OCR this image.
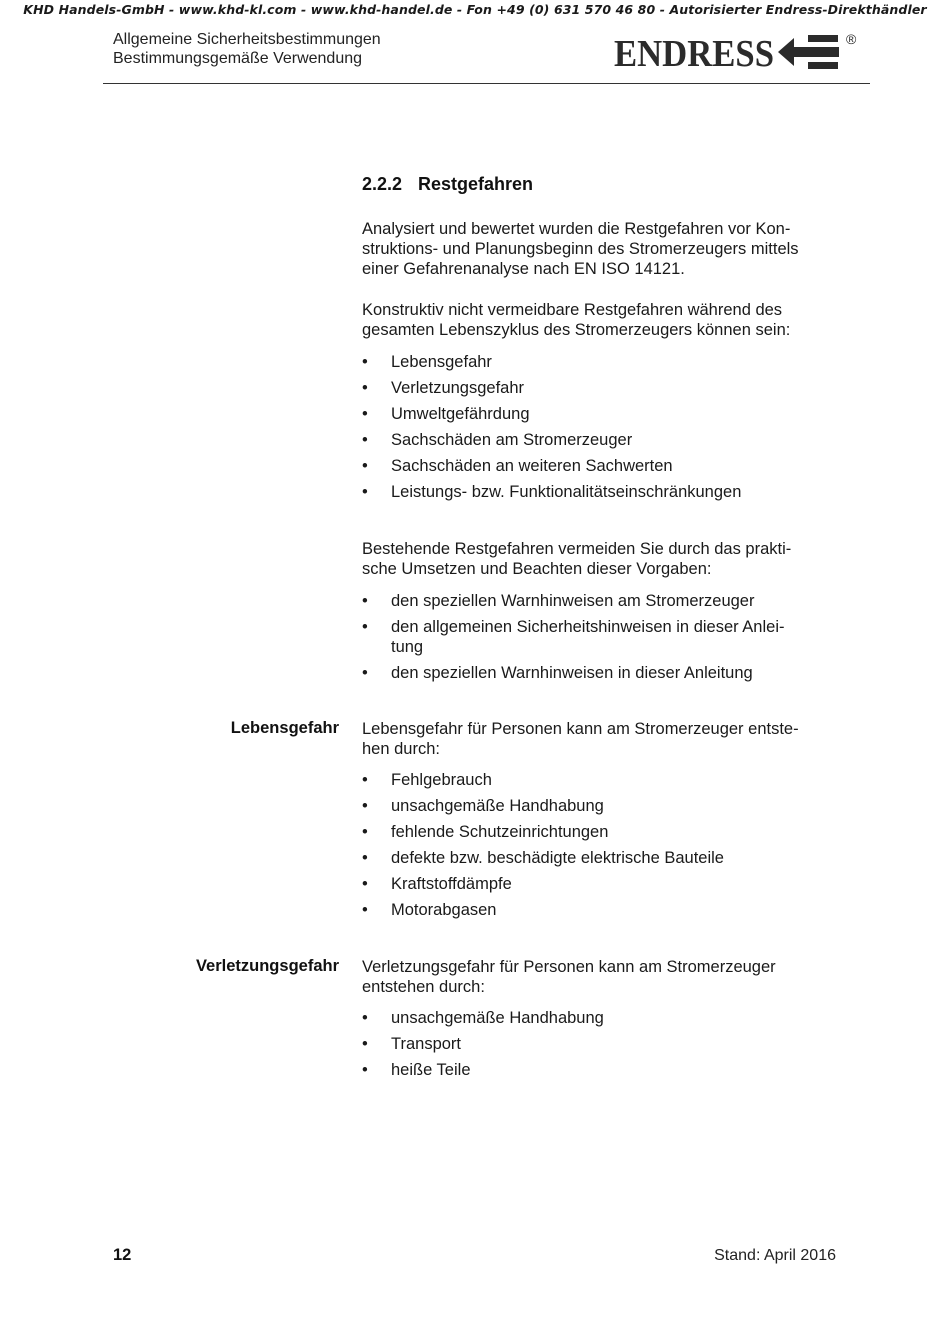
KHD Handels-GmbH - www.khd-kl.com - www.khd-handel.de - Fon +49 (0) 631 570 46 80 - Autorisierter Endress-Direkthändler
Allgemeine Sicherheitsbestimmungen
Bestimmungsgemäße Verwendung	ENDRESS	®
2.2.2 Restgefahren
Analysiert und bewertet wurden die Restgefahren vor Kon-
struktions- und Planungsbeginn des Stromerzeugers mittels
einer Gefahrenanalyse nach EN ISO 14121.
Konstruktiv nicht vermeidbare Restgefahren während des
gesamten Lebenszyklus des Stromerzeugers können sein:
• Lebensgefahr
• Verletzungsgefahr
• Umweltgefährdung
• Sachschäden am Stromerzeuger
• Sachschäden an weiteren Sachwerten
• Leistungs- bzw. Funktionalitätseinschränkungen
Bestehende Restgefahren vermeiden Sie durch das prakti-
sche Umsetzen und Beachten dieser Vorgaben:
• den speziellen Warnhinweisen am Stromerzeuger
• den allgemeinen Sicherheitshinweisen in dieser Anlei-
tung
• den speziellen Warnhinweisen in dieser Anleitung
Lebensgefahr Lebensgefahr für Personen kann am Stromerzeuger entste-
hen durch:
• Fehlgebrauch
• unsachgemäße Handhabung
• fehlende Schutzeinrichtungen
• defekte bzw. beschädigte elektrische Bauteile
• Kraftstoffdämpfe
• Motorabgasen
Verletzungsgefahr Verletzungsgefahr für Personen kann am Stromerzeuger
entstehen durch:
• unsachgemäße Handhabung
• Transport
• heiße Teile
12	Stand: April 2016
